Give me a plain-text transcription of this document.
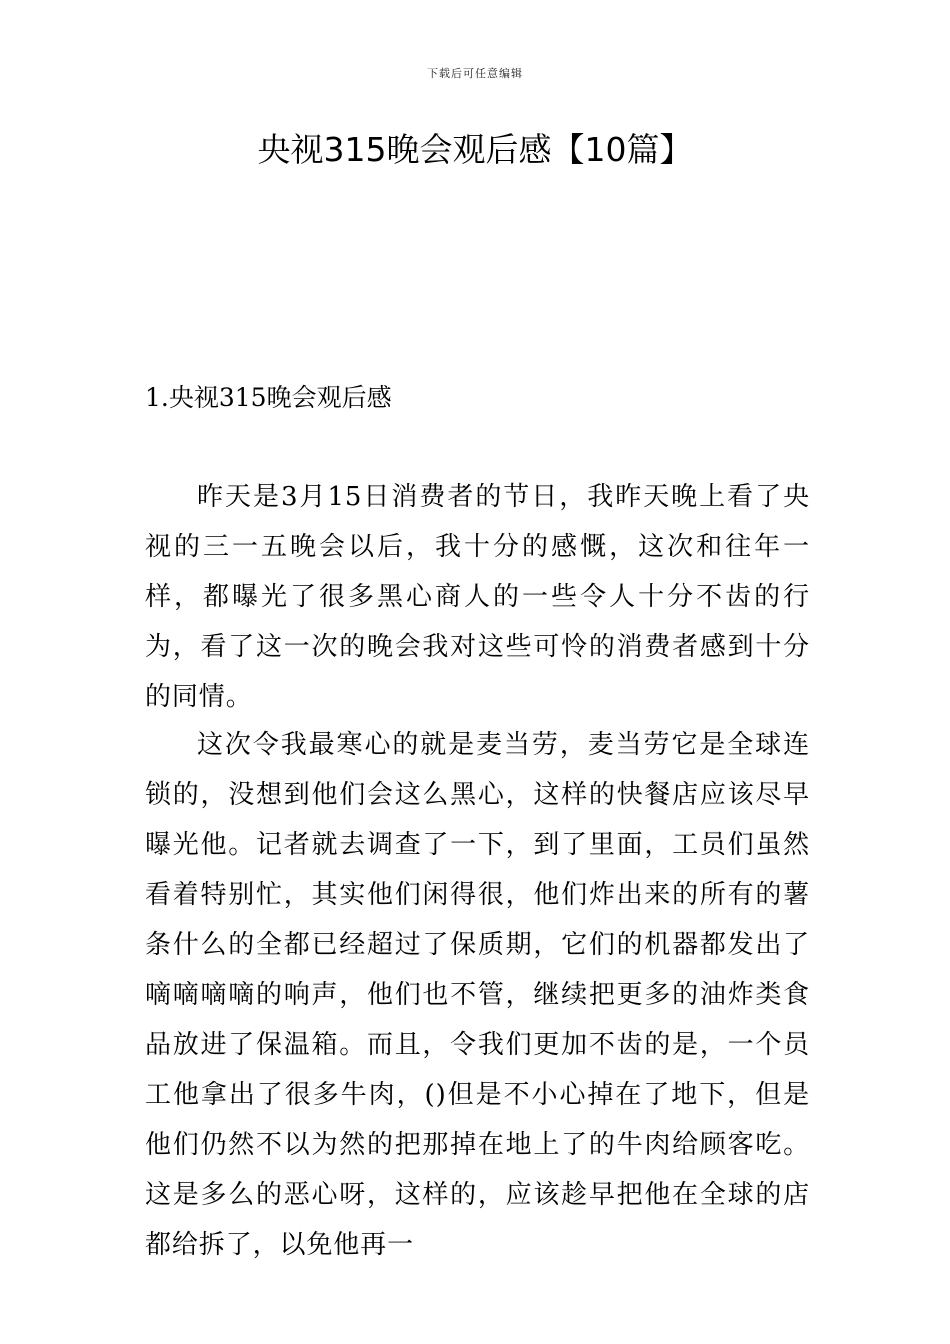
下载后可任意编辑
央视315晚会观后感【10篇】
1.央视315晚会观后感

昨天是3月15日消费者的节日，我昨天晚上看了央视的三一五晚会以后，我十分的感慨，这次和往年一样，都曝光了很多黑心商人的一些令人十分不齿的行为，看了这一次的晚会我对这些可怜的消费者感到十分的同情。

这次令我最寒心的就是麦当劳，麦当劳它是全球连锁的，没想到他们会这么黑心，这样的快餐店应该尽早曝光他。记者就去调查了一下，到了里面，工员们虽然看着特别忙，其实他们闲得很，他们炸出来的所有的薯条什么的全都已经超过了保质期，它们的机器都发出了嘀嘀嘀嘀的响声，他们也不管，继续把更多的油炸类食品放进了保温箱。而且，令我们更加不齿的是，一个员工他拿出了很多牛肉，()但是不小心掉在了地下，但是他们仍然不以为然的把那掉在地上了的牛肉给顾客吃。这是多么的恶心呀，这样的，应该趁早把他在全球的店都给拆了，以免他再一
